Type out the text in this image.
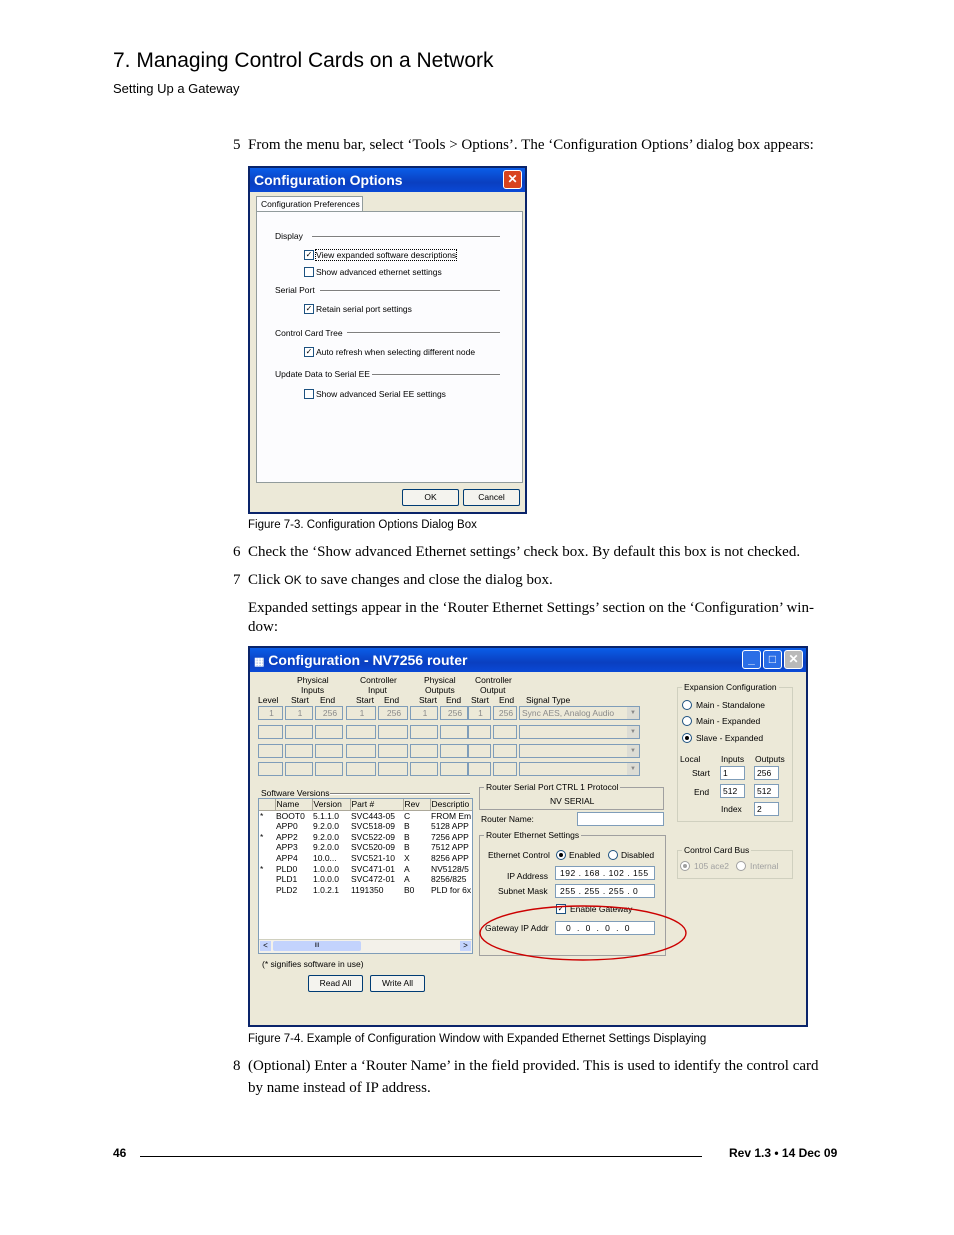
7. Managing Control Cards on a Network
Setting Up a Gateway
5 From the menu bar, select ‘Tools > Options’. The ‘Configuration Options’ dialog box appears:
Configuration Options	✕
Configuration Preferences
Display
✓ View expanded software descriptions
Show advanced ethernet settings
Serial Port
✓ Retain serial port settings
Control Card Tree
✓ Auto refresh when selecting different node
Update Data to Serial EE
Show advanced Serial EE settings
OK	Cancel
Figure 7-3. Configuration Options Dialog Box
6 Check the ‘Show advanced Ethernet settings’ check box. By default this box is not checked.
7 Click OK to save changes and close the dialog box.
Expanded settings appear in the ‘Router Ethernet Settings’ section on the ‘Configuration’ win-
dow:
▦ Configuration - NV7256 router	_	□	✕
Physical
Inputs
Controller
Input
Physical
Outputs
Controller
Output
Level Start End Start End Start End Start End Signal Type
1	1	256	1	256	1	256	1	256	Sync AES, Analog Audio	▼
▼
▼
▼
Software Versions
	Name	Version	Part #	Rev	Descriptio
*	BOOT0	5.1.1.0	SVC443-05	C	FROM Em
	APP0	9.2.0.0	SVC518-09	B	5128 APP
*	APP2	9.2.0.0	SVC522-09	B	7256 APP
	APP3	9.2.0.0	SVC520-09	B	7512 APP
	APP4	10.0...	SVC521-10	X	8256 APP
*	PLD0	1.0.0.0	SVC471-01	A	NV5128/5
	PLD1	1.0.0.0	SVC472-01	A	8256/825
	PLD2	1.0.2.1	1191350	B0	PLD for 6x
<	III	>
(* signifies software in use)
Read All	Write All
Expansion Configuration
Main - Standalone
Main - Expanded
Slave - Expanded
Local Inputs Outputs
Start	1	256
End	512	512
Index	2
Router Serial Port CTRL 1 Protocol
NV SERIAL
Router Name:
Router Ethernet Settings
Ethernet Control Enabled Disabled
IP Address	192 . 168 . 102 . 155
Subnet Mask	255 . 255 . 255 . 0
✓ Enable Gateway
Gateway IP Addr	0 . 0 . 0 . 0
Control Card Bus
105 ace2 Internal
Figure 7-4. Example of Configuration Window with Expanded Ethernet Settings Displaying
8 (Optional) Enter a ‘Router Name’ in the field provided. This is used to identify the control card
by name instead of IP address.
46	Rev 1.3 • 14 Dec 09
